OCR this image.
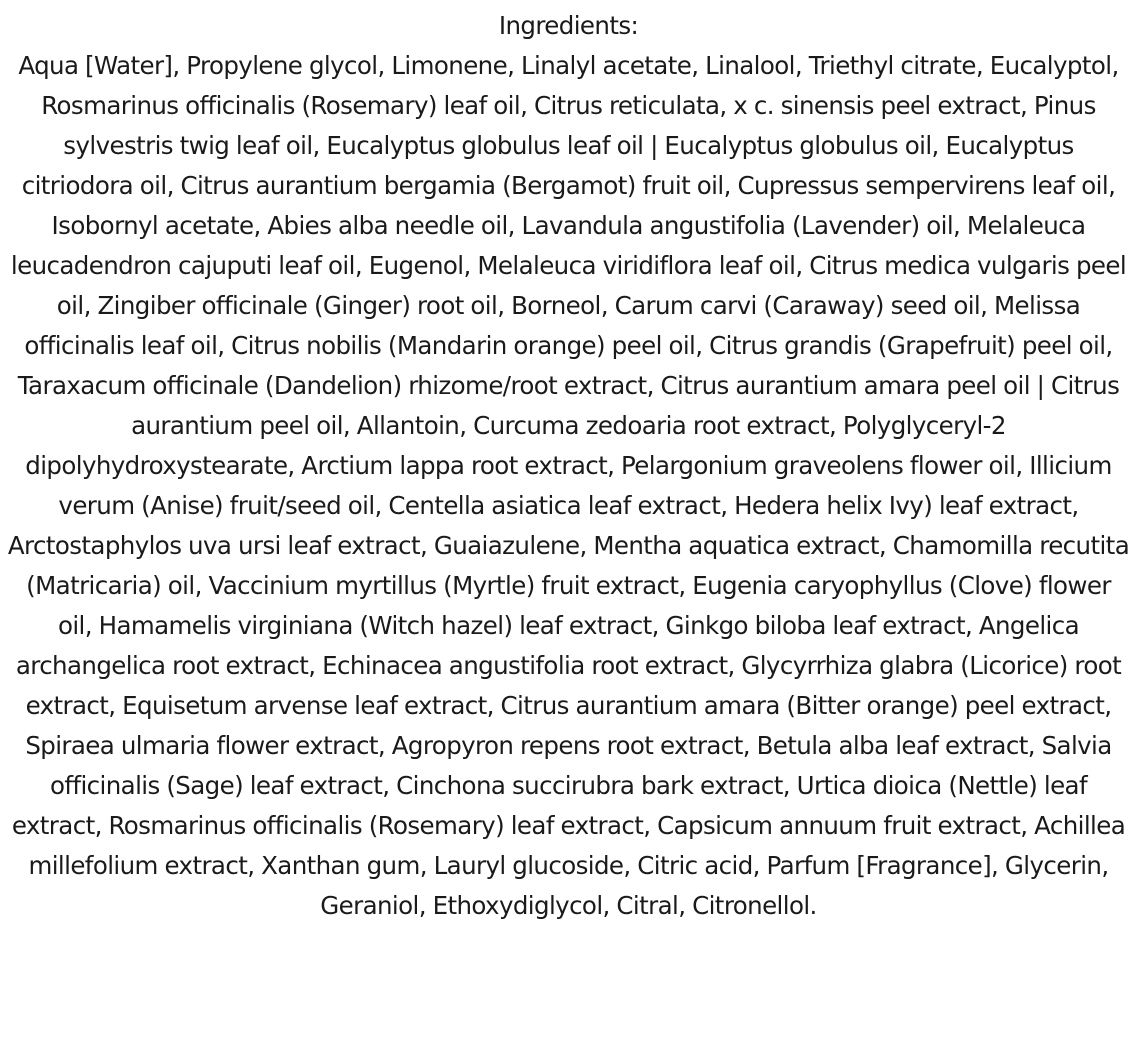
Ingredients:

Aqua [Water], Propylene glycol, Limonene, Linalyl acetate, Linalool, Triethyl citrate, Eucalyptol, Rosmarinus officinalis (Rosemary) leaf oil, Citrus reticulata, x c. sinensis peel extract, Pinus sylvestris twig leaf oil, Eucalyptus globulus leaf oil | Eucalyptus globulus oil, Eucalyptus citriodora oil, Citrus aurantium bergamia (Bergamot) fruit oil, Cupressus sempervirens leaf oil, Isobornyl acetate, Abies alba needle oil, Lavandula angustifolia (Lavender) oil, Melaleuca leucadendron cajuputi leaf oil, Eugenol, Melaleuca viridiflora leaf oil, Citrus medica vulgaris peel oil, Zingiber officinale (Ginger) root oil, Borneol, Carum carvi (Caraway) seed oil, Melissa officinalis leaf oil, Citrus nobilis (Mandarin orange) peel oil, Citrus grandis (Grapefruit) peel oil, Taraxacum officinale (Dandelion) rhizome/root extract, Citrus aurantium amara peel oil | Citrus aurantium peel oil, Allantoin, Curcuma zedoaria root extract, Polyglyceryl-2 dipolyhydroxystearate, Arctium lappa root extract, Pelargonium graveolens flower oil, Illicium verum (Anise) fruit/seed oil, Centella asiatica leaf extract, Hedera helix Ivy) leaf extract, Arctostaphylos uva ursi leaf extract, Guaiazulene, Mentha aquatica extract, Chamomilla recutita (Matricaria) oil, Vaccinium myrtillus (Myrtle) fruit extract, Eugenia caryophyllus (Clove) flower oil, Hamamelis virginiana (Witch hazel) leaf extract, Ginkgo biloba leaf extract, Angelica archangelica root extract, Echinacea angustifolia root extract, Glycyrrhiza glabra (Licorice) root extract, Equisetum arvense leaf extract, Citrus aurantium amara (Bitter orange) peel extract, Spiraea ulmaria flower extract, Agropyron repens root extract, Betula alba leaf extract, Salvia officinalis (Sage) leaf extract, Cinchona succirubra bark extract, Urtica dioica (Nettle) leaf extract, Rosmarinus officinalis (Rosemary) leaf extract, Capsicum annuum fruit extract, Achillea millefolium extract, Xanthan gum, Lauryl glucoside, Citric acid, Parfum [Fragrance], Glycerin, Geraniol, Ethoxydiglycol, Citral, Citronellol.
